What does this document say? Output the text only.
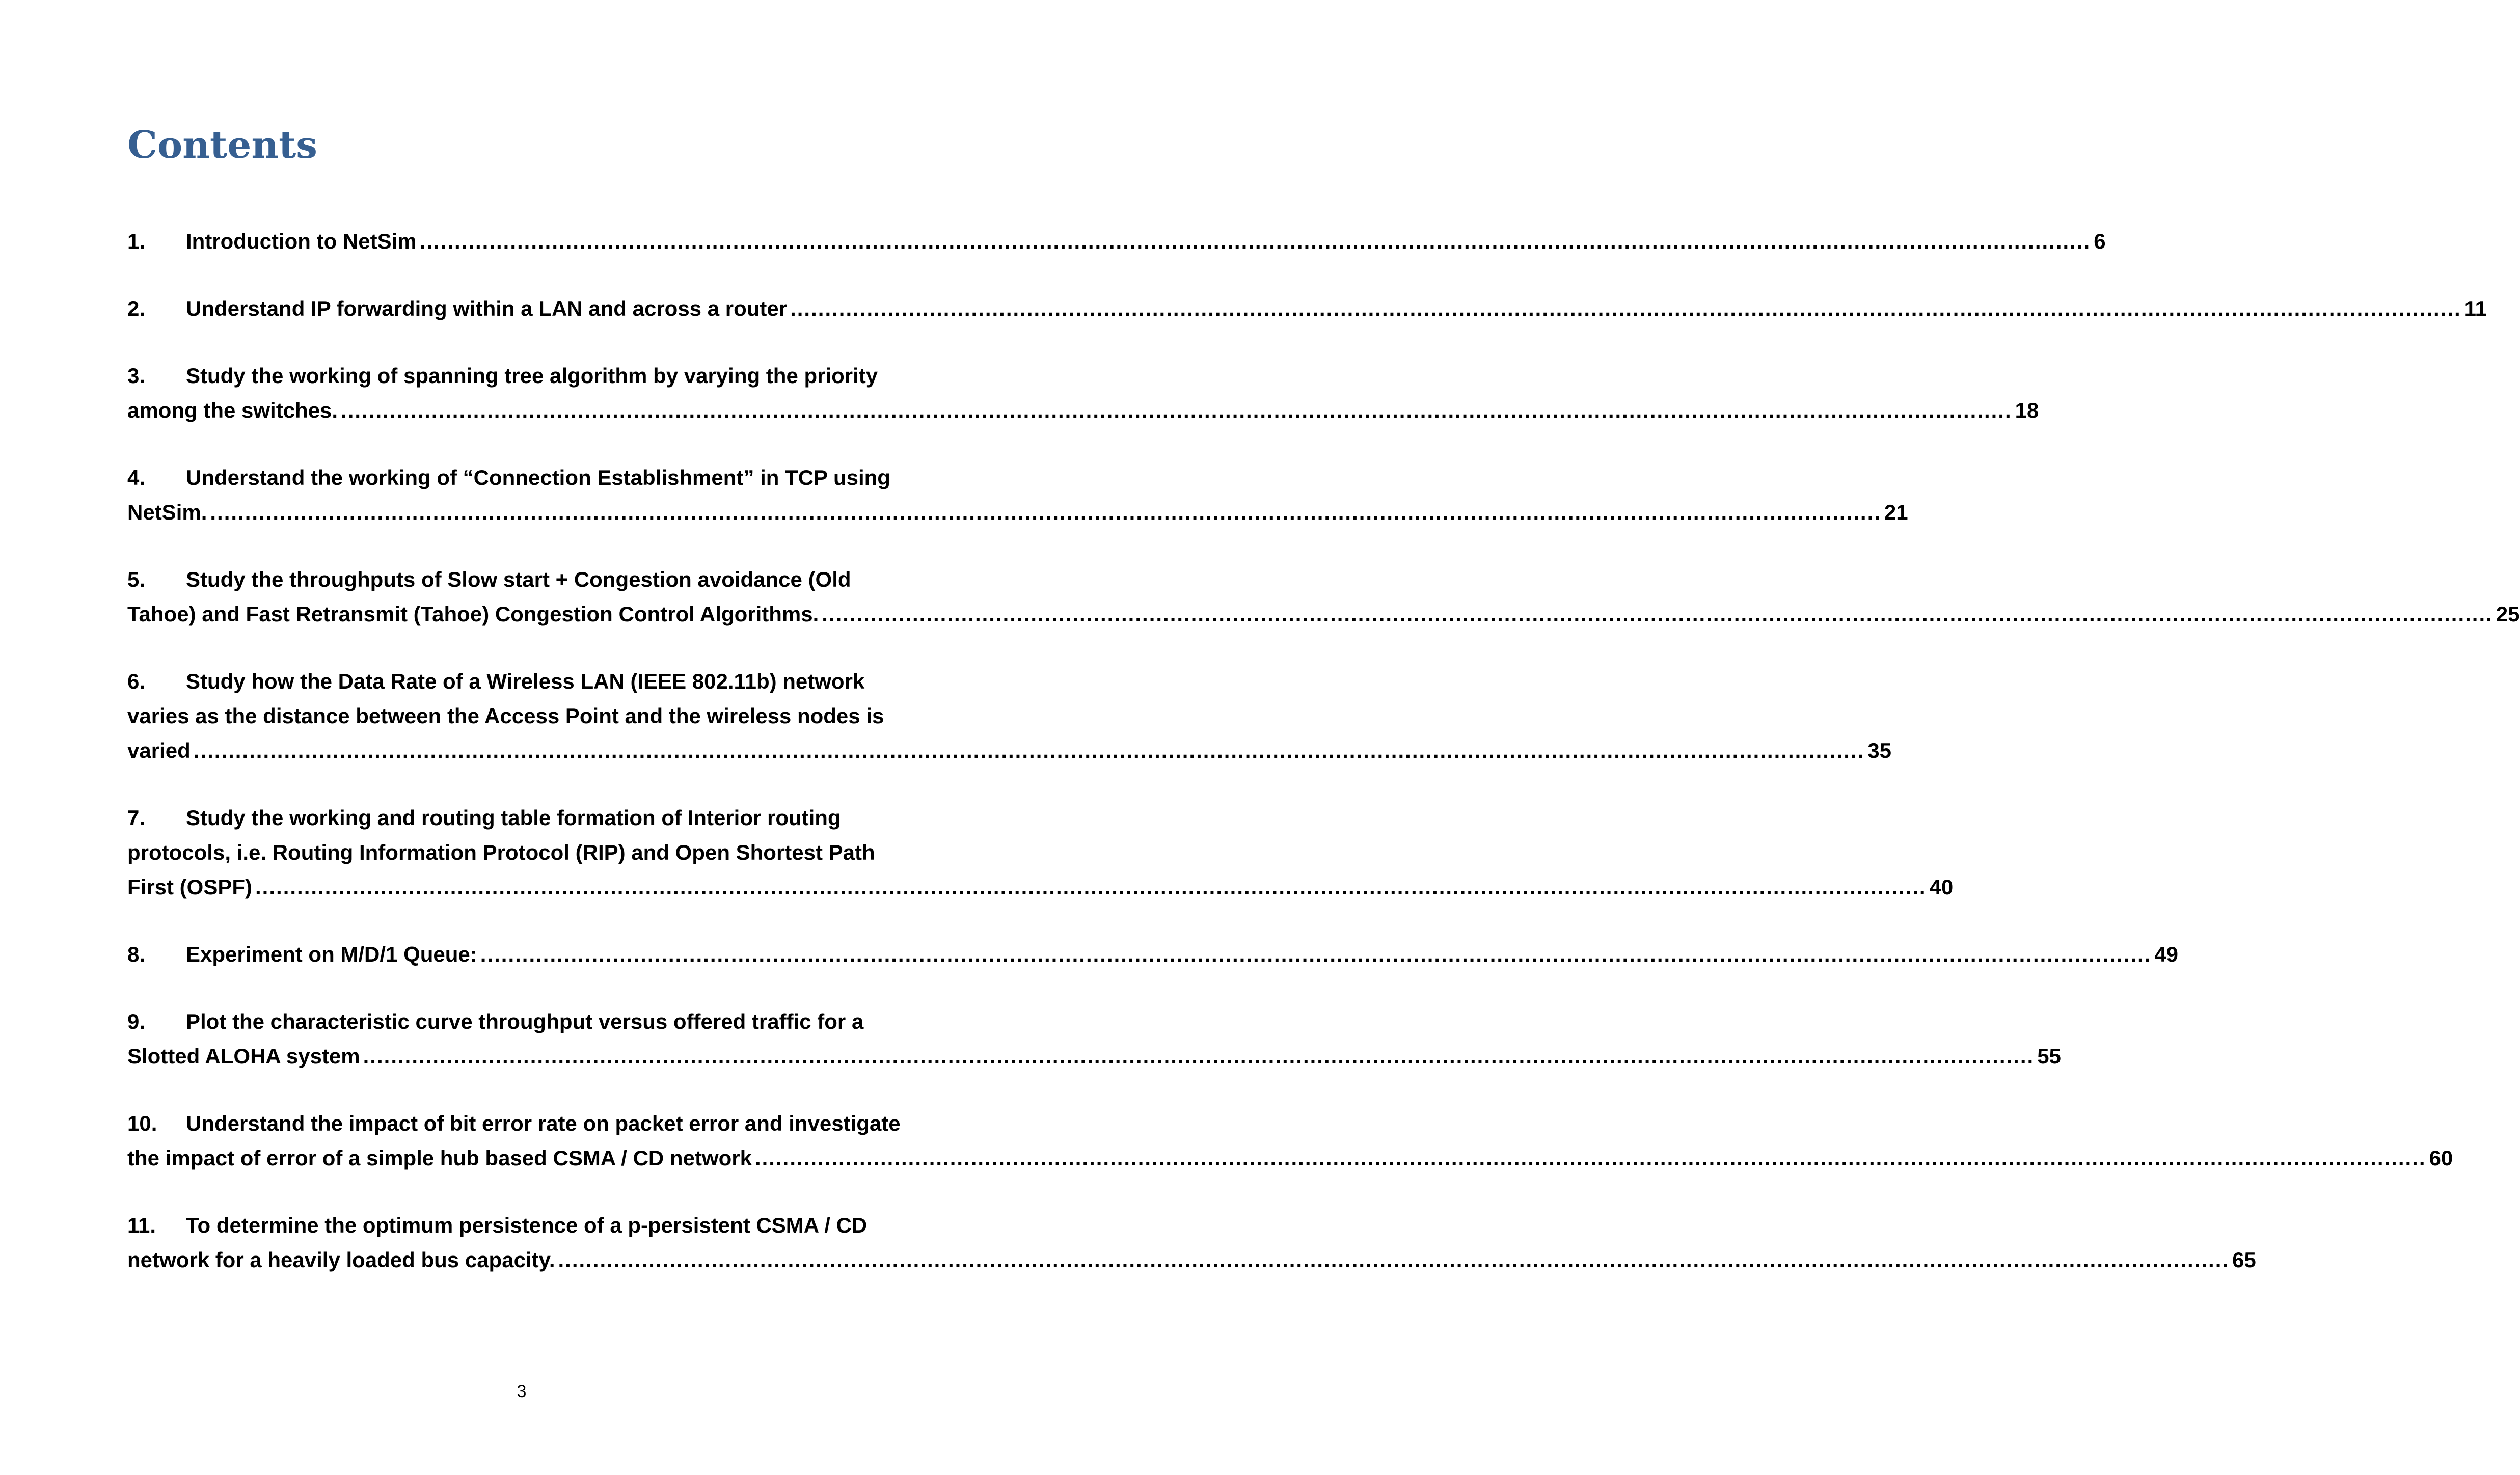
Contents
1.	Introduction to NetSim .....	6
2.	Understand IP forwarding within a LAN and across a router .....	11
3.	Study the working of spanning tree algorithm by varying the priority
among the switches. .....	18
4.	Understand the working of “Connection Establishment” in TCP using
NetSim. .....	21
5.	Study the throughputs of Slow start + Congestion avoidance (Old
Tahoe) and Fast Retransmit (Tahoe) Congestion Control Algorithms. .....	25
6.	Study how the Data Rate of a Wireless LAN (IEEE 802.11b) network
varies as the distance between the Access Point and the wireless nodes is
varied .....	35
7.	Study the working and routing table formation of Interior routing
protocols, i.e. Routing Information Protocol (RIP) and Open Shortest Path
First (OSPF) .....	40
8.	Experiment on M/D/1 Queue: .....	49
9.	Plot the characteristic curve throughput versus offered traffic for a
Slotted ALOHA system .....	55
10.	Understand the impact of bit error rate on packet error and investigate
the impact of error of a simple hub based CSMA / CD network .....	60
11.	To determine the optimum persistence of a p-persistent CSMA / CD
network for a heavily loaded bus capacity. .....	65
3
